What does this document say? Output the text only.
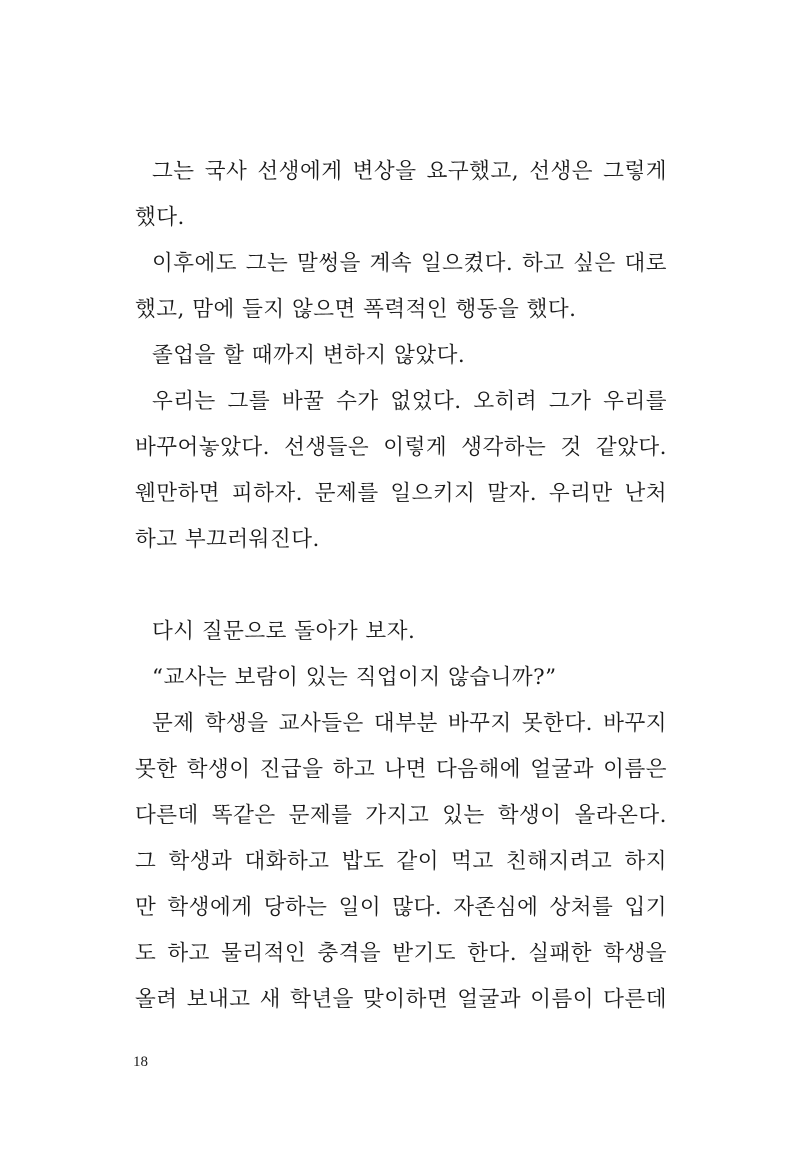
그는 국사 선생에게 변상을 요구했고, 선생은 그렇게
했다.
이후에도 그는 말썽을 계속 일으켰다. 하고 싶은 대로
했고, 맘에 들지 않으면 폭력적인 행동을 했다.
졸업을 할 때까지 변하지 않았다.
우리는 그를 바꿀 수가 없었다. 오히려 그가 우리를
바꾸어놓았다. 선생들은 이렇게 생각하는 것 같았다.
웬만하면 피하자. 문제를 일으키지 말자. 우리만 난처
하고 부끄러워진다.
다시 질문으로 돌아가 보자.
“교사는 보람이 있는 직업이지 않습니까?”
문제 학생을 교사들은 대부분 바꾸지 못한다. 바꾸지
못한 학생이 진급을 하고 나면 다음해에 얼굴과 이름은
다른데 똑같은 문제를 가지고 있는 학생이 올라온다.
그 학생과 대화하고 밥도 같이 먹고 친해지려고 하지
만 학생에게 당하는 일이 많다. 자존심에 상처를 입기
도 하고 물리적인 충격을 받기도 한다. 실패한 학생을
올려 보내고 새 학년을 맞이하면 얼굴과 이름이 다른데
18
